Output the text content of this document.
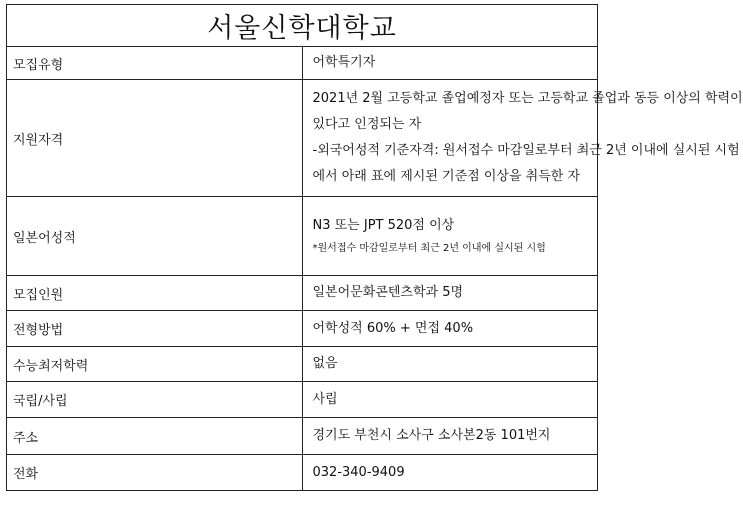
서울신학대학교	
모집유형	어학특기자

지원자격	2021년 2월 고등학교 졸업예정자 또는 고등학교 졸업과 동등 이상의 학력이
있다고 인정되는 자
-외국어성적 기준자격: 원서접수 마감일로부터 최근 2년 이내에 실시된 시험
에서 아래 표에 제시된 기준점 이상을 취득한 자

일본어성적	N3 또는 JPT 520점 이상
*원서접수 마감일로부터 최근 2년 이내에 실시된 시험

모집인원	일본어문화콘텐츠학과 5명

전형방법	어학성적 60% + 면접 40%

수능최저학력	없음

국립/사립	사립

주소	경기도 부천시 소사구 소사본2동 101번지

전화	032-340-9409
